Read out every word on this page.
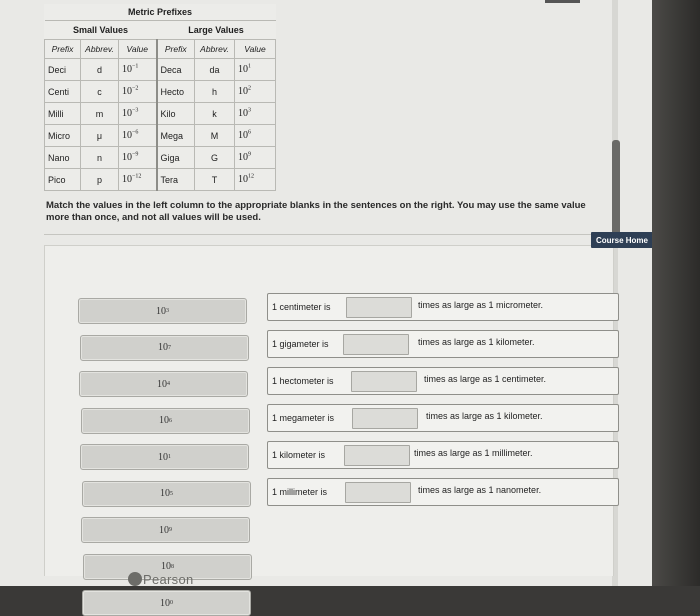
Metric Prefixes					
Small Values			Large Values		
Prefix	Abbrev.	Value	Prefix	Abbrev.	Value
Deci	d	$10^{-1}$	Deca	da	$10^1$
Centi	c	$10^{-2}$	Hecto	h	$10^2$
Milli	m	$10^{-3}$	Kilo	k	$10^3$
Micro	μ	$10^{-6}$	Mega	M	$10^6$
Nano	n	$10^{-9}$	Giga	G	$10^9$
Pico	p	$10^{-12}$	Tera	T	$10^{12}$
Match the values in the left column to the appropriate blanks in the sentences on the right. You may use the same value more than once, and not all values will be used.
10 3
10 7
10 4
10 6
10 1
10 5
10 9
10 8
10 0
1 centimeter is	times as large as 1 micrometer.
1 gigameter is	times as large as 1 kilometer.
1 hectometer is	times as large as 1 centimeter.
1 megameter is	times as large as 1 kilometer.
1 kilometer is	times as large as 1 millimeter.
1 millimeter is	times as large as 1 nanometer.
Pearson
Course Home
